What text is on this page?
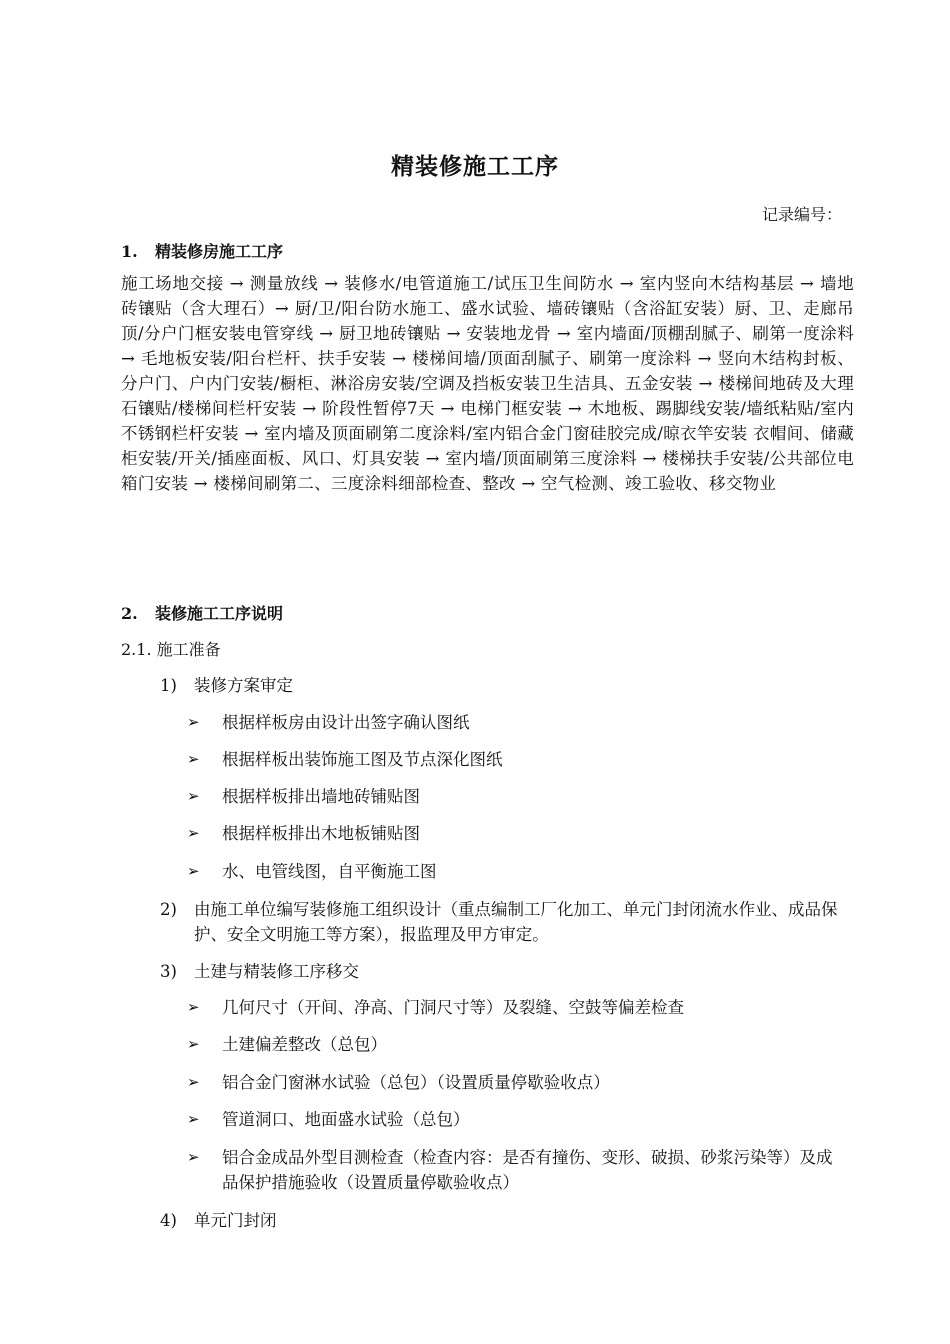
精装修施工工序
记录编号：
1. 精装修房施工工序
施工场地交接 → 测量放线 → 装修水/电管道施工/试压卫生间防水 → 室内竖向木结构基层 → 墙地砖镶贴（含大理石）→ 厨/卫/阳台防水施工、盛水试验、墙砖镶贴（含浴缸安装）厨、卫、走廊吊顶/分户门框安装电管穿线 → 厨卫地砖镶贴 → 安装地龙骨 → 室内墙面/顶棚刮腻子、刷第一度涂料 → 毛地板安装/阳台栏杆、扶手安装 → 楼梯间墙/顶面刮腻子、刷第一度涂料 → 竖向木结构封板、分户门、户内门安装/橱柜、淋浴房安装/空调及挡板安装卫生洁具、五金安装 → 楼梯间地砖及大理石镶贴/楼梯间栏杆安装 → 阶段性暂停7天 → 电梯门框安装 → 木地板、踢脚线安装/墙纸粘贴/室内不锈钢栏杆安装 → 室内墙及顶面刷第二度涂料/室内铝合金门窗硅胶完成/晾衣竿安装 衣帽间、储藏柜安装/开关/插座面板、风口、灯具安装 → 室内墙/顶面刷第三度涂料 → 楼梯扶手安装/公共部位电箱门安装 → 楼梯间刷第二、三度涂料细部检查、整改 → 空气检测、竣工验收、移交物业
2. 装修施工工序说明
2.1. 施工准备
1) 装修方案审定
➢ 根据样板房由设计出签字确认图纸
➢ 根据样板出装饰施工图及节点深化图纸
➢ 根据样板排出墙地砖铺贴图
➢ 根据样板排出木地板铺贴图
➢ 水、电管线图，自平衡施工图
2) 由施工单位编写装修施工组织设计（重点编制工厂化加工、单元门封闭流水作业、成品保护、安全文明施工等方案），报监理及甲方审定。
3) 土建与精装修工序移交
➢ 几何尺寸（开间、净高、门洞尺寸等）及裂缝、空鼓等偏差检查
➢ 土建偏差整改（总包）
➢ 铝合金门窗淋水试验（总包）（设置质量停歇验收点）
➢ 管道洞口、地面盛水试验（总包）
➢ 铝合金成品外型目测检查（检查内容：是否有撞伤、变形、破损、砂浆污染等）及成品保护措施验收（设置质量停歇验收点）
4) 单元门封闭
